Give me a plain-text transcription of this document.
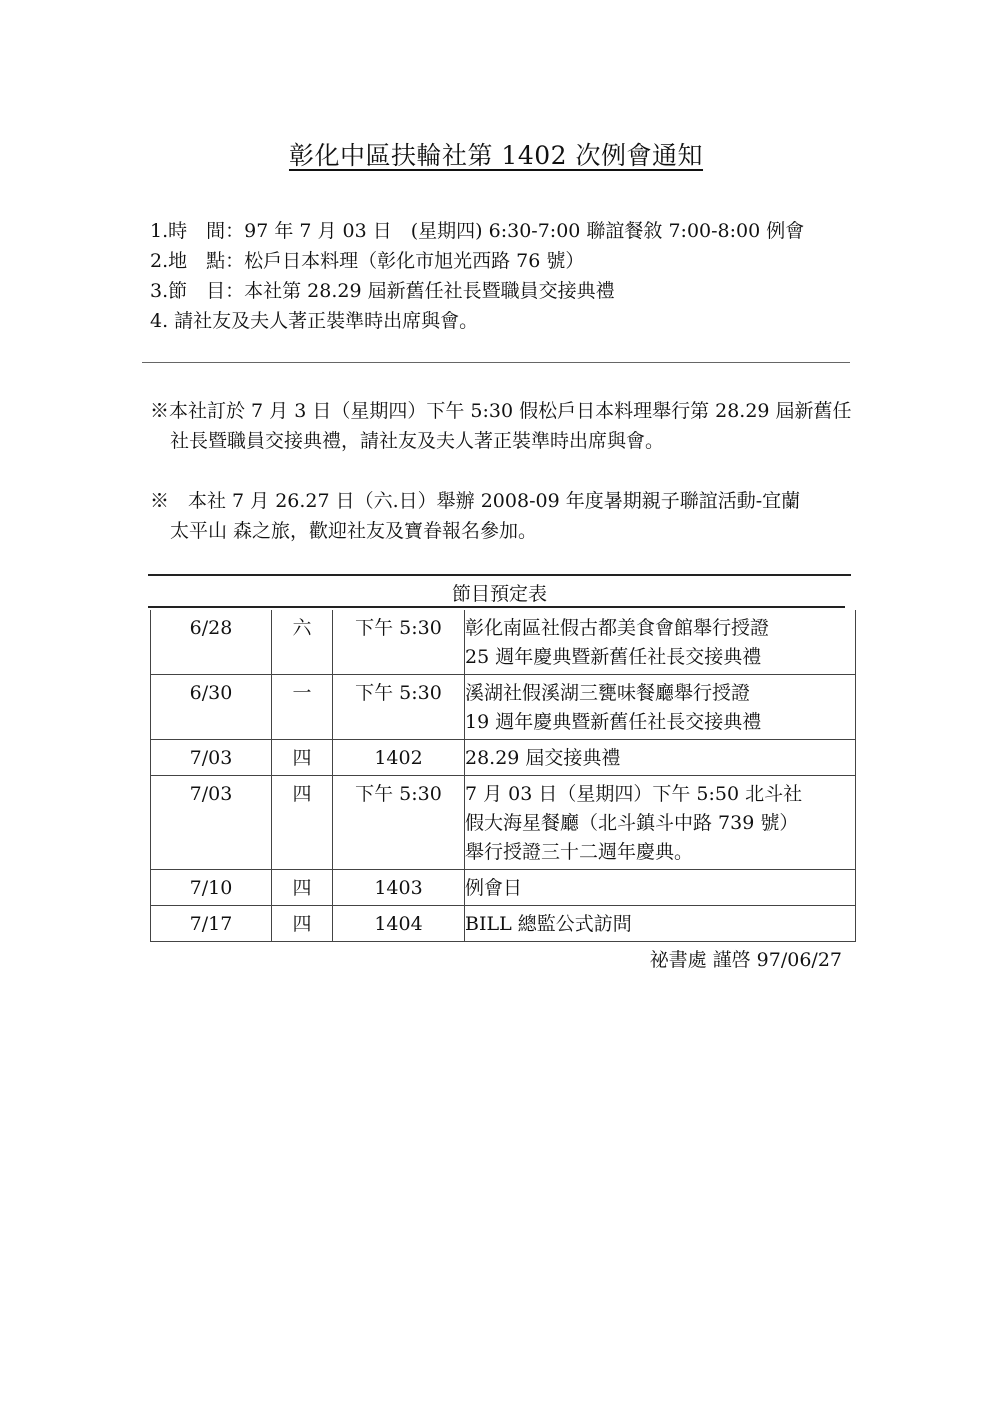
彰化中區扶輪社第 1402 次例會通知
1.時　間：97 年 7 月 03 日　(星期四) 6:30-7:00 聯誼餐敘 7:00-8:00 例會
2.地　點：松戶日本料理（彰化市旭光西路 76 號）
3.節　目：本社第 28.29 屆新舊任社長暨職員交接典禮
4. 請社友及夫人著正裝準時出席與會。
※本社訂於 7 月 3 日（星期四）下午 5:30 假松戶日本料理舉行第 28.29 屆新舊任
社長暨職員交接典禮，請社友及夫人著正裝準時出席與會。
※　本社 7 月 26.27 日（六.日）舉辦 2008-09 年度暑期親子聯誼活動-宜蘭
太平山 森之旅，歡迎社友及寶眷報名參加。
節目預定表
6/28	六	下午 5:30	彰化南區社假古都美食會館舉行授證
25 週年慶典暨新舊任社長交接典禮

6/30	一	下午 5:30	溪湖社假溪湖三甕味餐廳舉行授證
19 週年慶典暨新舊任社長交接典禮

7/03	四	1402	28.29 屆交接典禮

7/03	四	下午 5:30	7 月 03 日（星期四）下午 5:50 北斗社
假大海星餐廳（北斗鎮斗中路 739 號）
舉行授證三十二週年慶典。

7/10	四	1403	例會日

7/17	四	1404	BILL 總監公式訪問
祕書處 謹啓 97/06/27
